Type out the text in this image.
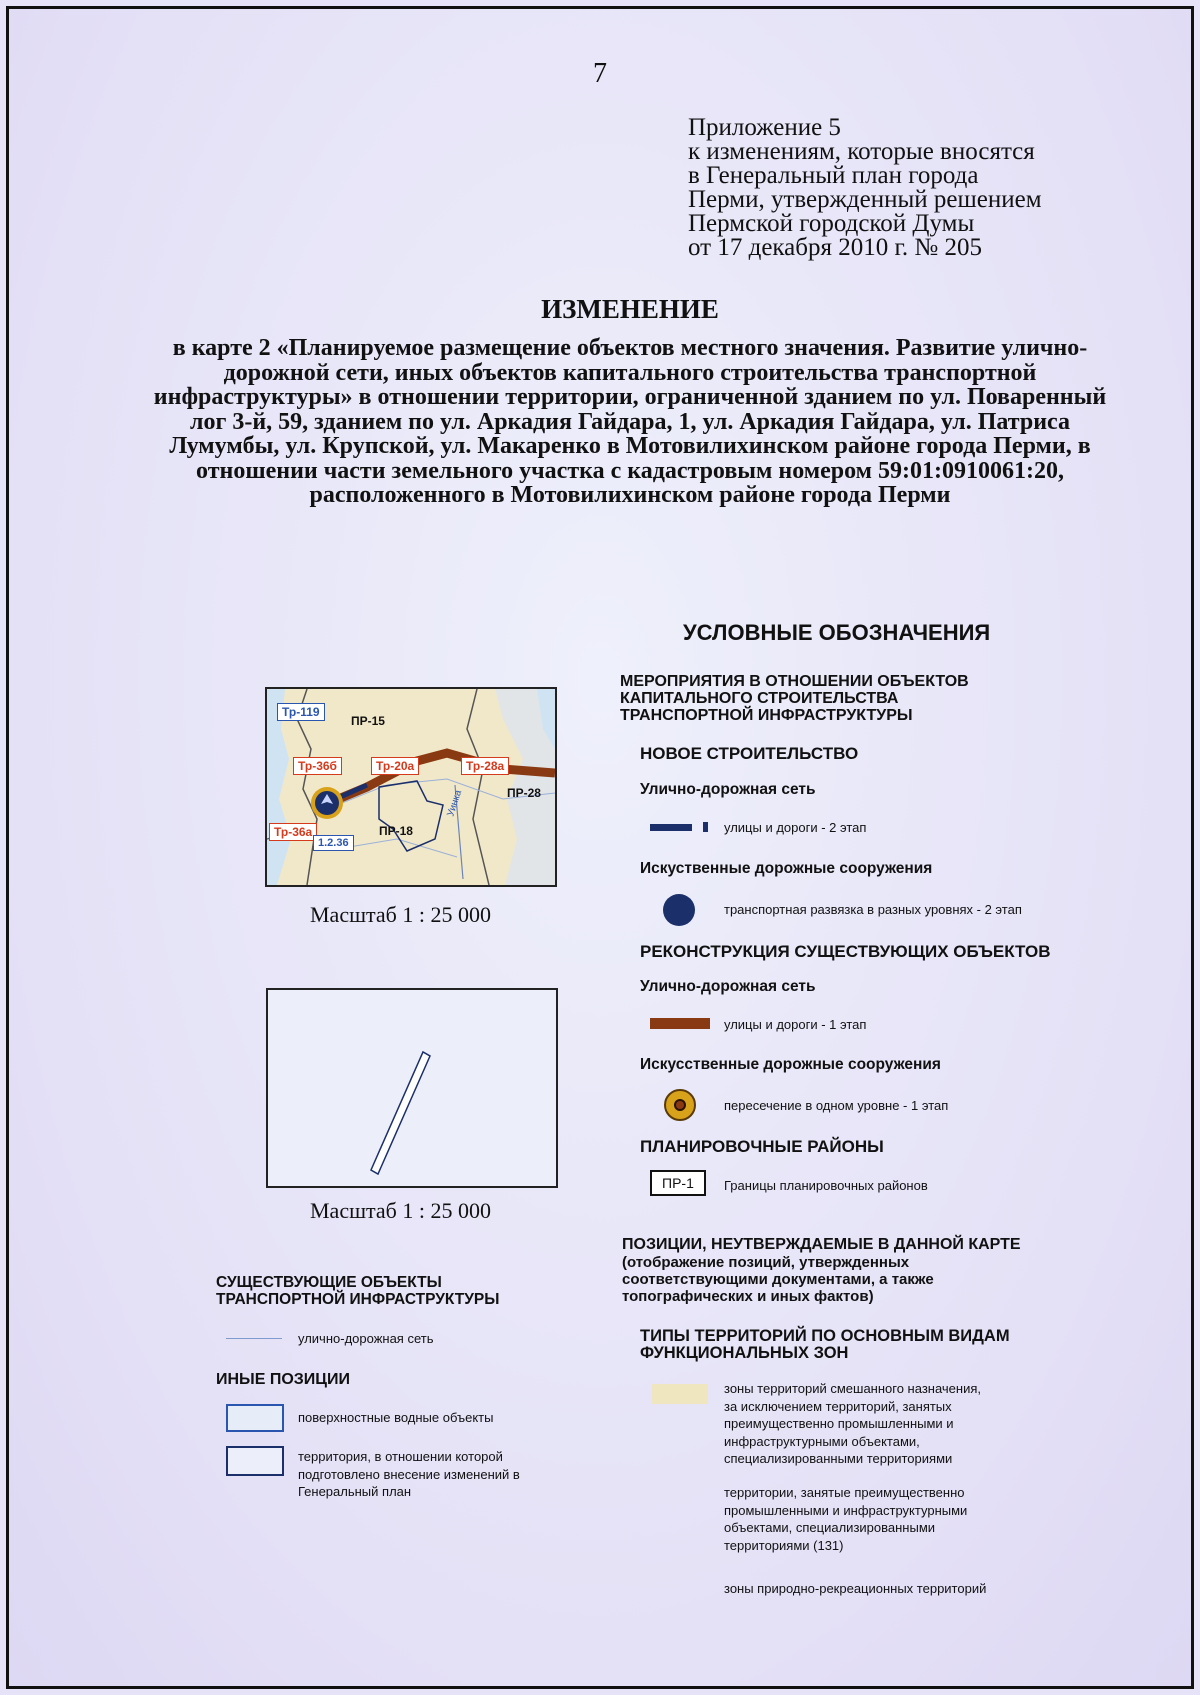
7
Приложение 5
к изменениям, которые вносятся
в Генеральный план города
Перми, утвержденный решением
Пермской городской Думы
от 17 декабря 2010 г. № 205
ИЗМЕНЕНИЕ
в карте 2 «Планируемое размещение объектов местного значения. Развитие улично-дорожной сети, иных объектов капитального строительства транспортной инфраструктуры» в отношении территории, ограниченной зданием по ул. Поваренный лог 3-й, 59, зданием по ул. Аркадия Гайдара, 1, ул. Аркадия Гайдара, ул. Патриса Лумумбы, ул. Крупской, ул. Макаренко в Мотовилихинском районе города Перми, в отношении части земельного участка с кадастровым номером 59:01:0910061:20, расположенного в Мотовилихинском районе города Перми
Уинка
Тр-119
ПР-15
Тр-36б	Тр-20а	Тр-28а
ПР-28
Тр-36а	ПР-18
1.2.36
Масштаб 1 : 25 000
Масштаб 1 : 25 000
УСЛОВНЫЕ ОБОЗНАЧЕНИЯ
МЕРОПРИЯТИЯ В ОТНОШЕНИИ ОБЪЕКТОВ КАПИТАЛЬНОГО СТРОИТЕЛЬСТВА ТРАНСПОРТНОЙ ИНФРАСТРУКТУРЫ
НОВОЕ СТРОИТЕЛЬСТВО
Улично-дорожная сеть
улицы и дороги - 2 этап
Искуственные дорожные сооружения
транспортная развязка в разных уровнях - 2 этап
РЕКОНСТРУКЦИЯ СУЩЕСТВУЮЩИХ ОБЪЕКТОВ
Улично-дорожная сеть
улицы и дороги - 1 этап
Искусственные дорожные сооружения
пересечение в одном уровне - 1 этап
ПЛАНИРОВОЧНЫЕ РАЙОНЫ
ПР-1	Границы планировочных районов
ПОЗИЦИИ, НЕУТВЕРЖДАЕМЫЕ В ДАННОЙ КАРТЕ
(отображение позиций, утвержденных соответствующими документами, а также топографических и иных фактов)
ТИПЫ ТЕРРИТОРИЙ ПО ОСНОВНЫМ ВИДАМ ФУНКЦИОНАЛЬНЫХ ЗОН
зоны территорий смешанного назначения, за исключением территорий, занятых преимущественно промышленными и инфраструктурными объектами, специализированными территориями
территории, занятые преимущественно промышленными и инфраструктурными объектами, специализированными территориями (131)
зоны природно-рекреационных территорий
СУЩЕСТВУЮЩИЕ ОБЪЕКТЫ ТРАНСПОРТНОЙ ИНФРАСТРУКТУРЫ
улично-дорожная сеть
ИНЫЕ ПОЗИЦИИ
поверхностные водные объекты
территория, в отношении которой подготовлено внесение изменений в Генеральный план
